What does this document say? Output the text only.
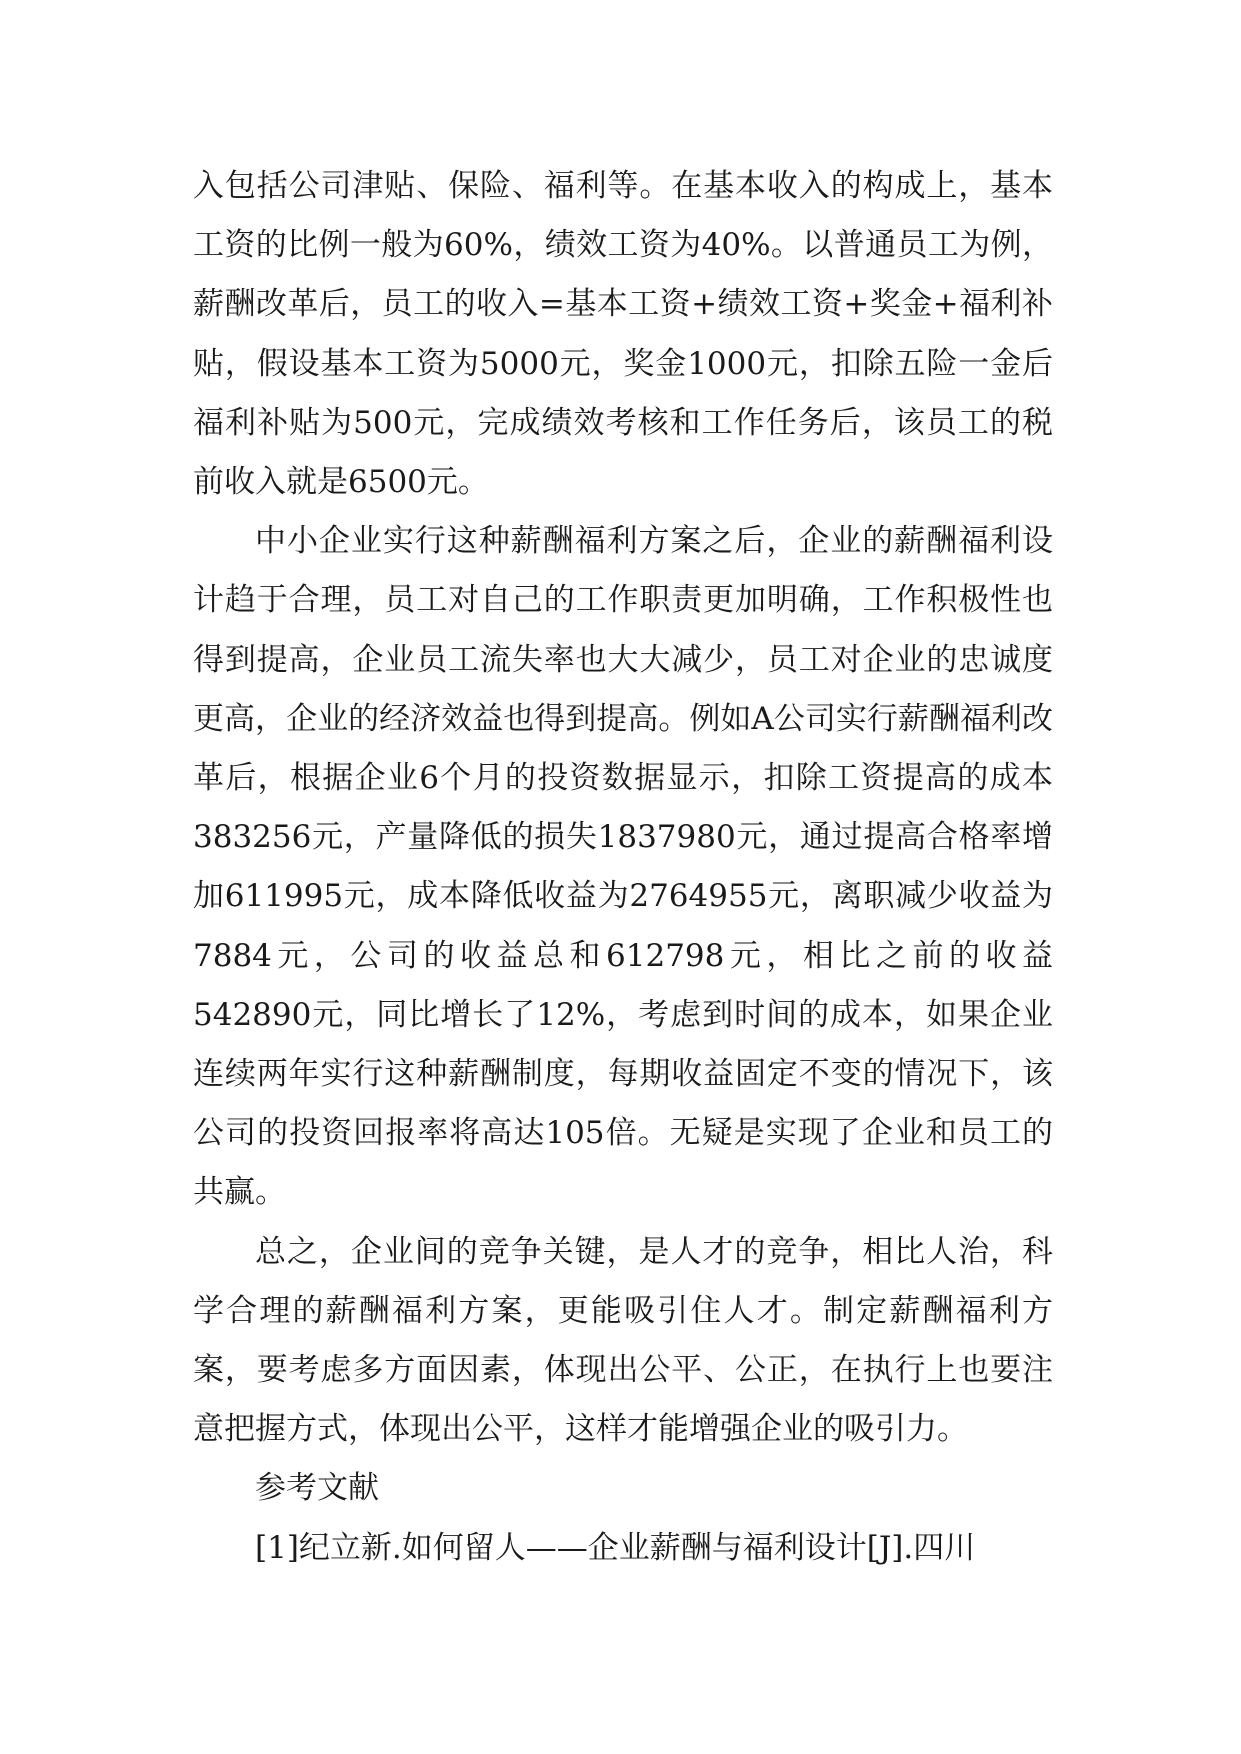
入包括公司津贴、保险、福利等。在基本收入的构成上，基本工资的比例一般为60%，绩效工资为40%。以普通员工为例，薪酬改革后，员工的收入=基本工资+绩效工资+奖金+福利补贴，假设基本工资为5000元，奖金1000元，扣除五险一金后福利补贴为500元，完成绩效考核和工作任务后，该员工的税前收入就是6500元。

中小企业实行这种薪酬福利方案之后，企业的薪酬福利设计趋于合理，员工对自己的工作职责更加明确，工作积极性也得到提高，企业员工流失率也大大减少，员工对企业的忠诚度更高，企业的经济效益也得到提高。例如A公司实行薪酬福利改革后，根据企业6个月的投资数据显示，扣除工资提高的成本383256元，产量降低的损失1837980元，通过提高合格率增加611995元，成本降低收益为2764955元，离职减少收益为7884元，公司的收益总和612798元，相比之前的收益542890元，同比增长了12%，考虑到时间的成本，如果企业连续两年实行这种薪酬制度，每期收益固定不变的情况下，该公司的投资回报率将高达105倍。无疑是实现了企业和员工的共赢。

总之，企业间的竞争关键，是人才的竞争，相比人治，科学合理的薪酬福利方案，更能吸引住人才。制定薪酬福利方案，要考虑多方面因素，体现出公平、公正，在执行上也要注意把握方式，体现出公平，这样才能增强企业的吸引力。

参考文献

[1]纪立新.如何留人——企业薪酬与福利设计[J].四川
